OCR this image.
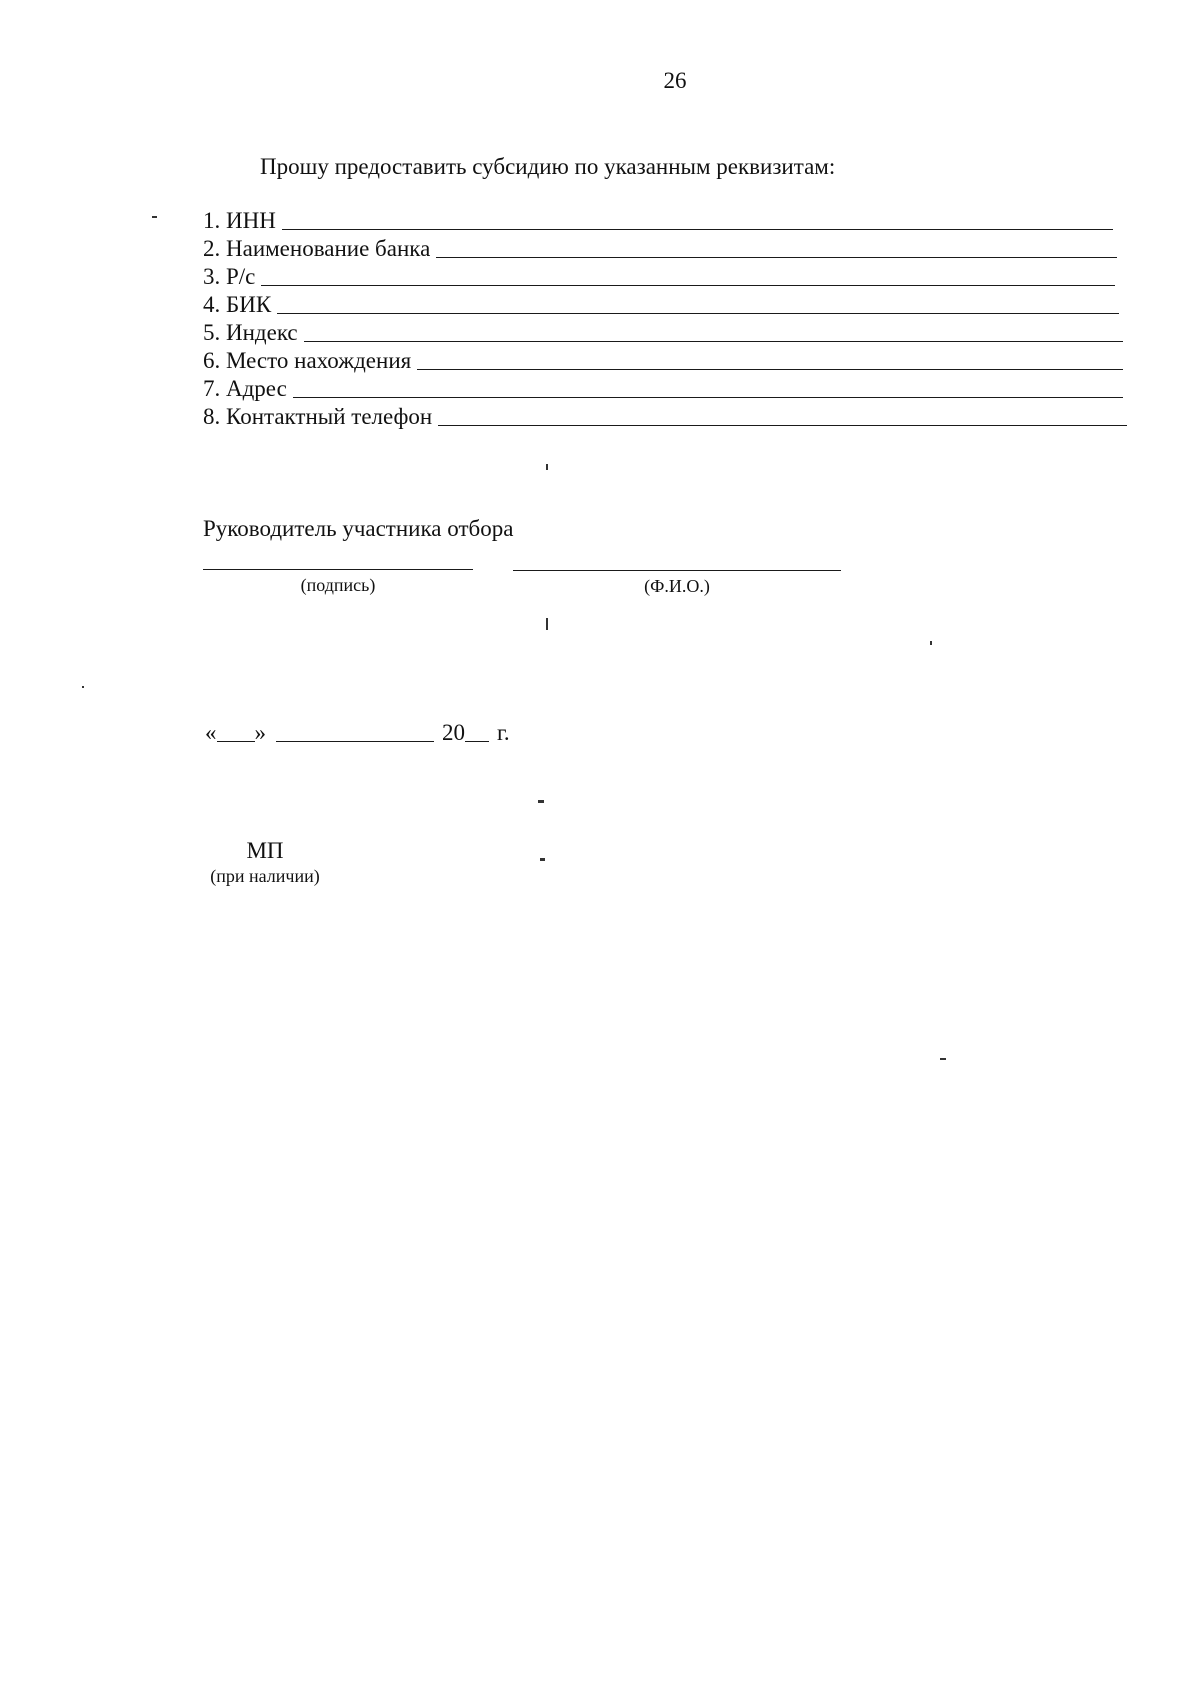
26
Прошу предоставить субсидию по указанным реквизитам:
1. ИНН
2. Наименование банка
3. Р/с
4. БИК
5. Индекс
6. Место нахождения
7. Адрес
8. Контактный телефон
Руководитель участника отбора
(подпись)	(Ф.И.О.)
« »	20 г.
МП
(при наличии)
